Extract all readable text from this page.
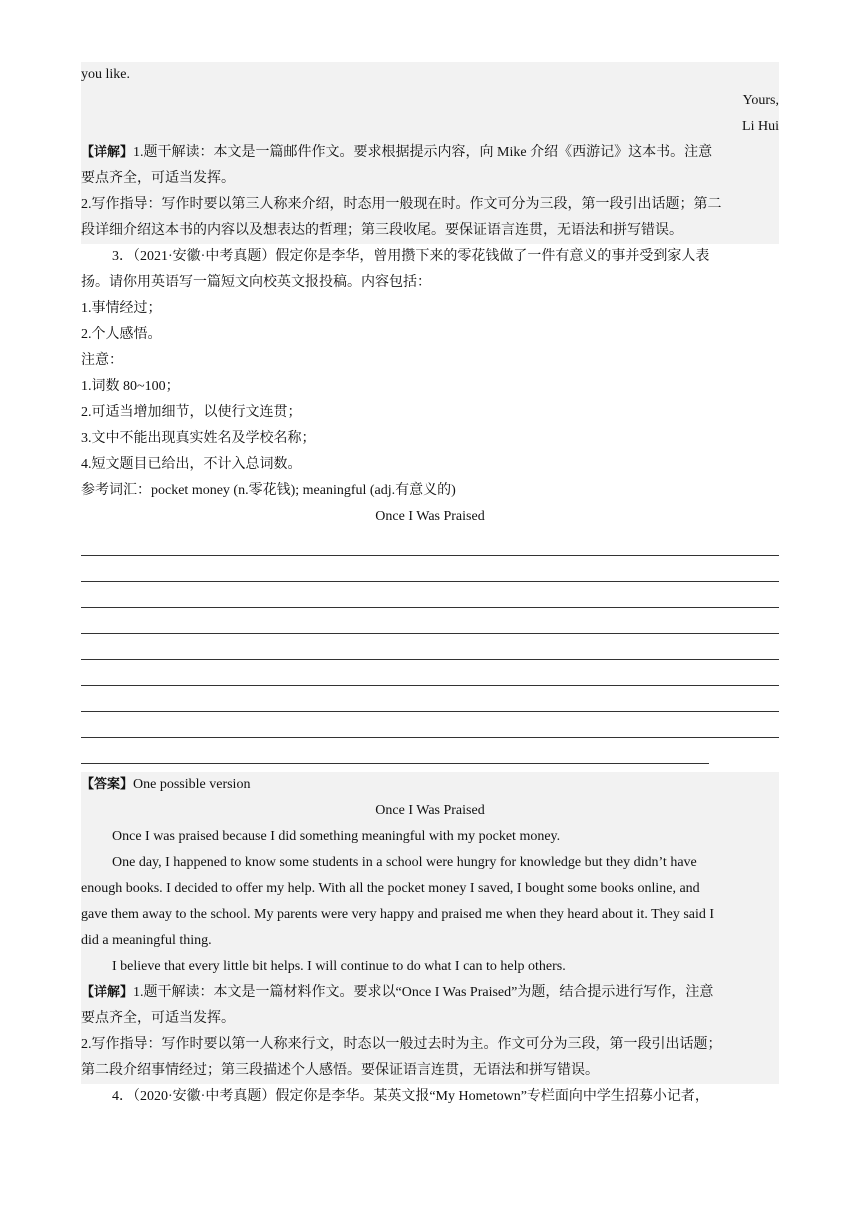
you like.
Yours,
Li Hui
【详解】1.题干解读：本文是一篇邮件作文。要求根据提示内容，向 Mike 介绍《西游记》这本书。注意
要点齐全，可适当发挥。
2.写作指导：写作时要以第三人称来介绍，时态用一般现在时。作文可分为三段，第一段引出话题；第二
段详细介绍这本书的内容以及想表达的哲理；第三段收尾。要保证语言连贯，无语法和拼写错误。
3．（2021·安徽·中考真题）假定你是李华，曾用攒下来的零花钱做了一件有意义的事并受到家人表
扬。请你用英语写一篇短文向校英文报投稿。内容包括：
1.事情经过；
2.个人感悟。
注意：
1.词数 80~100；
2.可适当增加细节，以使行文连贯；
3.文中不能出现真实姓名及学校名称；
4.短文题目已给出，不计入总词数。
参考词汇：pocket money (n.零花钱); meaningful (adj.有意义的)
Once I Was Praised
【答案】One possible version
Once I Was Praised
Once I was praised because I did something meaningful with my pocket money.
One day, I happened to know some students in a school were hungry for knowledge but they didn’t have
enough books. I decided to offer my help. With all the pocket money I saved, I bought some books online, and
gave them away to the school. My parents were very happy and praised me when they heard about it. They said I
did a meaningful thing.
I believe that every little bit helps. I will continue to do what I can to help others.
【详解】1.题干解读：本文是一篇材料作文。要求以“Once I Was Praised”为题，结合提示进行写作，注意
要点齐全，可适当发挥。
2.写作指导：写作时要以第一人称来行文，时态以一般过去时为主。作文可分为三段，第一段引出话题；
第二段介绍事情经过；第三段描述个人感悟。要保证语言连贯，无语法和拼写错误。
4．（2020·安徽·中考真题）假定你是李华。某英文报“My Hometown”专栏面向中学生招募小记者，
